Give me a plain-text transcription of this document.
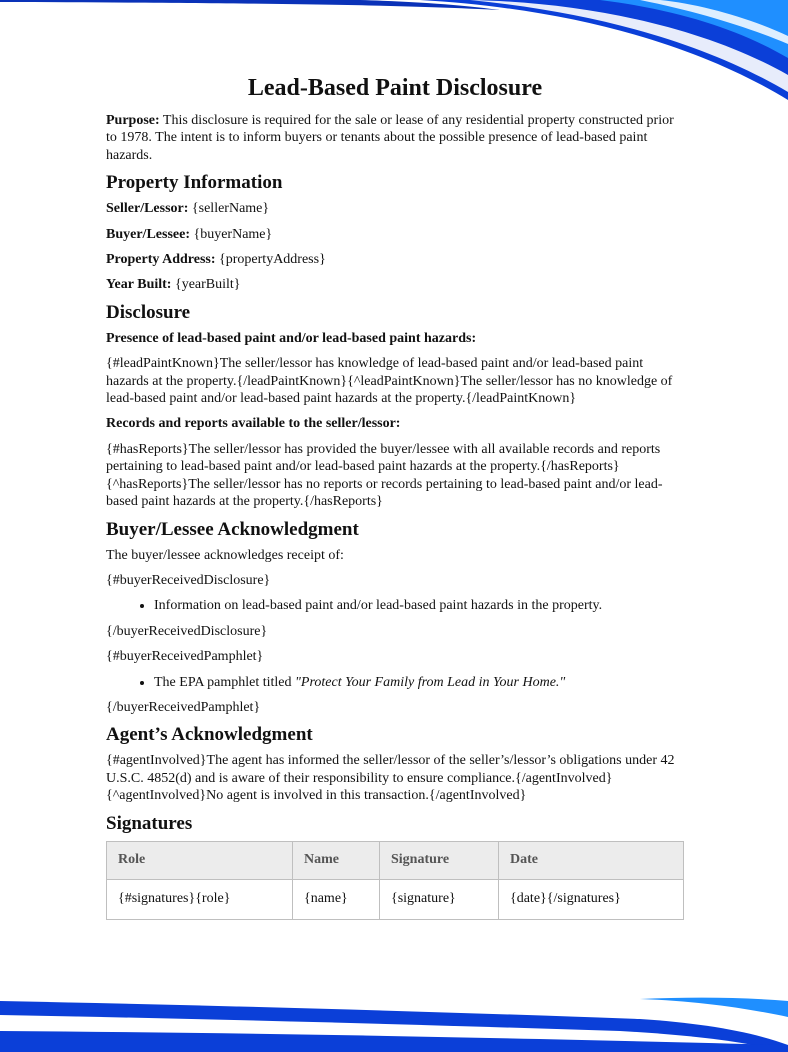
Lead-Based Paint Disclosure

Purpose: This disclosure is required for the sale or lease of any residential property constructed prior to 1978. The intent is to inform buyers or tenants about the possible presence of lead-based paint hazards.

Property Information
Seller/Lessor: {sellerName}
Buyer/Lessee: {buyerName}
Property Address: {propertyAddress}
Year Built: {yearBuilt}
Disclosure
Presence of lead-based paint and/or lead-based paint hazards:

{#leadPaintKnown}The seller/lessor has knowledge of lead-based paint and/or lead-based paint hazards at the property.{/leadPaintKnown}{^leadPaintKnown}The seller/lessor has no knowledge of lead-based paint and/or lead-based paint hazards at the property.{/leadPaintKnown}

Records and reports available to the seller/lessor:

{#hasReports}The seller/lessor has provided the buyer/lessee with all available records and reports pertaining to lead-based paint and/or lead-based paint hazards at the property.{/hasReports}{^hasReports}The seller/lessor has no reports or records pertaining to lead-based paint and/or lead-based paint hazards at the property.{/hasReports}

Buyer/Lessee Acknowledgment

The buyer/lessee acknowledges receipt of:

{#buyerReceivedDisclosure}

• Information on lead-based paint and/or lead-based paint hazards in the property.

{/buyerReceivedDisclosure}

{#buyerReceivedPamphlet}

• The EPA pamphlet titled "Protect Your Family from Lead in Your Home."

{/buyerReceivedPamphlet}

Agent’s Acknowledgment

{#agentInvolved}The agent has informed the seller/lessor of the seller’s/lessor’s obligations under 42 U.S.C. 4852(d) and is aware of their responsibility to ensure compliance.{/agentInvolved}{^agentInvolved}No agent is involved in this transaction.{/agentInvolved}

Signatures
Role	Name	Signature	Date
{#signatures}{role}	{name}	{signature}	{date}{/signatures}
